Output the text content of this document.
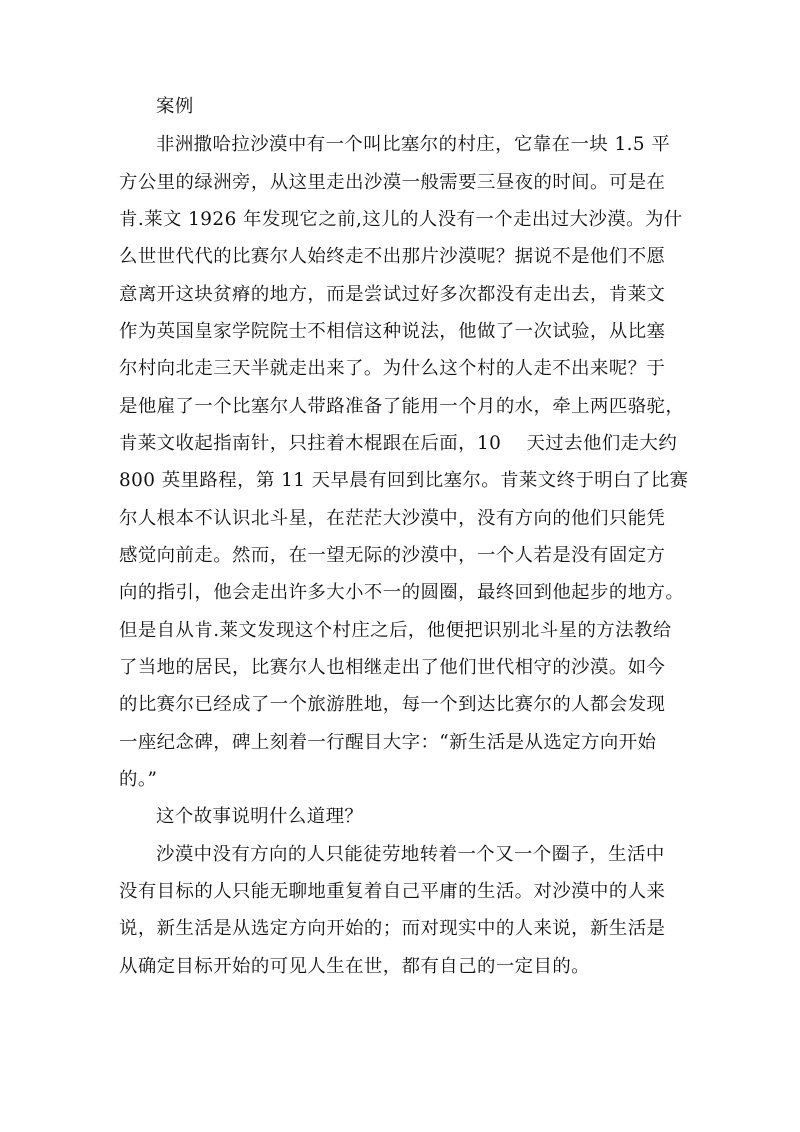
案例
非洲撒哈拉沙漠中有一个叫比塞尔的村庄，它靠在一块 1.5 平
方公里的绿洲旁，从这里走出沙漠一般需要三昼夜的时间。可是在
肯.莱文 1926 年发现它之前,这儿的人没有一个走出过大沙漠。为什
么世世代代的比赛尔人始终走不出那片沙漠呢？据说不是他们不愿
意离开这块贫瘠的地方，而是尝试过好多次都没有走出去，肯莱文
作为英国皇家学院院士不相信这种说法，他做了一次试验，从比塞
尔村向北走三天半就走出来了。为什么这个村的人走不出来呢？于
是他雇了一个比塞尔人带路准备了能用一个月的水，牵上两匹骆驼，
肯莱文收起指南针，只拄着木棍跟在后面，10    天过去他们走大约
800 英里路程，第 11 天早晨有回到比塞尔。肯莱文终于明白了比赛
尔人根本不认识北斗星，在茫茫大沙漠中，没有方向的他们只能凭
感觉向前走。然而，在一望无际的沙漠中，一个人若是没有固定方
向的指引，他会走出许多大小不一的圆圈，最终回到他起步的地方。
但是自从肯.莱文发现这个村庄之后，他便把识别北斗星的方法教给
了当地的居民，比赛尔人也相继走出了他们世代相守的沙漠。如今
的比赛尔已经成了一个旅游胜地，每一个到达比赛尔的人都会发现
一座纪念碑，碑上刻着一行醒目大字：“新生活是从选定方向开始
的。”
这个故事说明什么道理？
沙漠中没有方向的人只能徒劳地转着一个又一个圈子，生活中
没有目标的人只能无聊地重复着自己平庸的生活。对沙漠中的人来
说，新生活是从选定方向开始的；而对现实中的人来说，新生活是
从确定目标开始的可见人生在世，都有自己的一定目的。
